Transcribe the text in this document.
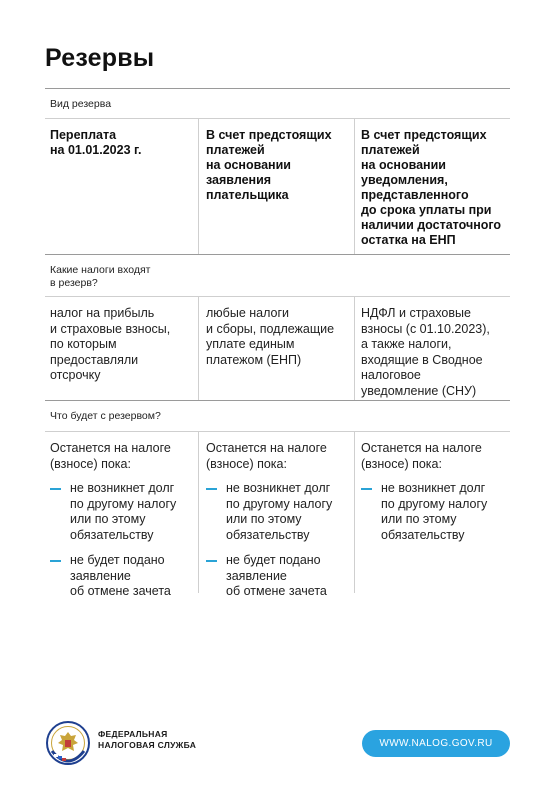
Резервы
Вид резерва
Переплата
на 01.01.2023 г.
В счет предстоящих
платежей
на основании
заявления
плательщика
В счет предстоящих
платежей
на основании
уведомления,
представленного
до срока уплаты при
наличии достаточного
остатка на ЕНП
Какие налоги входят
в резерв?
налог на прибыль
и страховые взносы,
по которым
предоставляли
отсрочку
любые налоги
и сборы, подлежащие
уплате единым
платежом (ЕНП)
НДФЛ и страховые
взносы (с 01.10.2023),
а также налоги,
входящие в Сводное
налоговое
уведомление (СНУ)
Что будет с резервом?
Останется на налоге
(взносе) пока:
не возникнет долг
по другому налогу
или по этому
обязательству
не будет подано
заявление
об отмене зачета
Останется на налоге
(взносе) пока:
не возникнет долг
по другому налогу
или по этому
обязательству
не будет подано
заявление
об отмене зачета
Останется на налоге
(взносе) пока:
не возникнет долг
по другому налогу
или по этому
обязательству
ФЕДЕРАЛЬНАЯ
НАЛОГОВАЯ СЛУЖБА	WWW.NALOG.GOV.RU
